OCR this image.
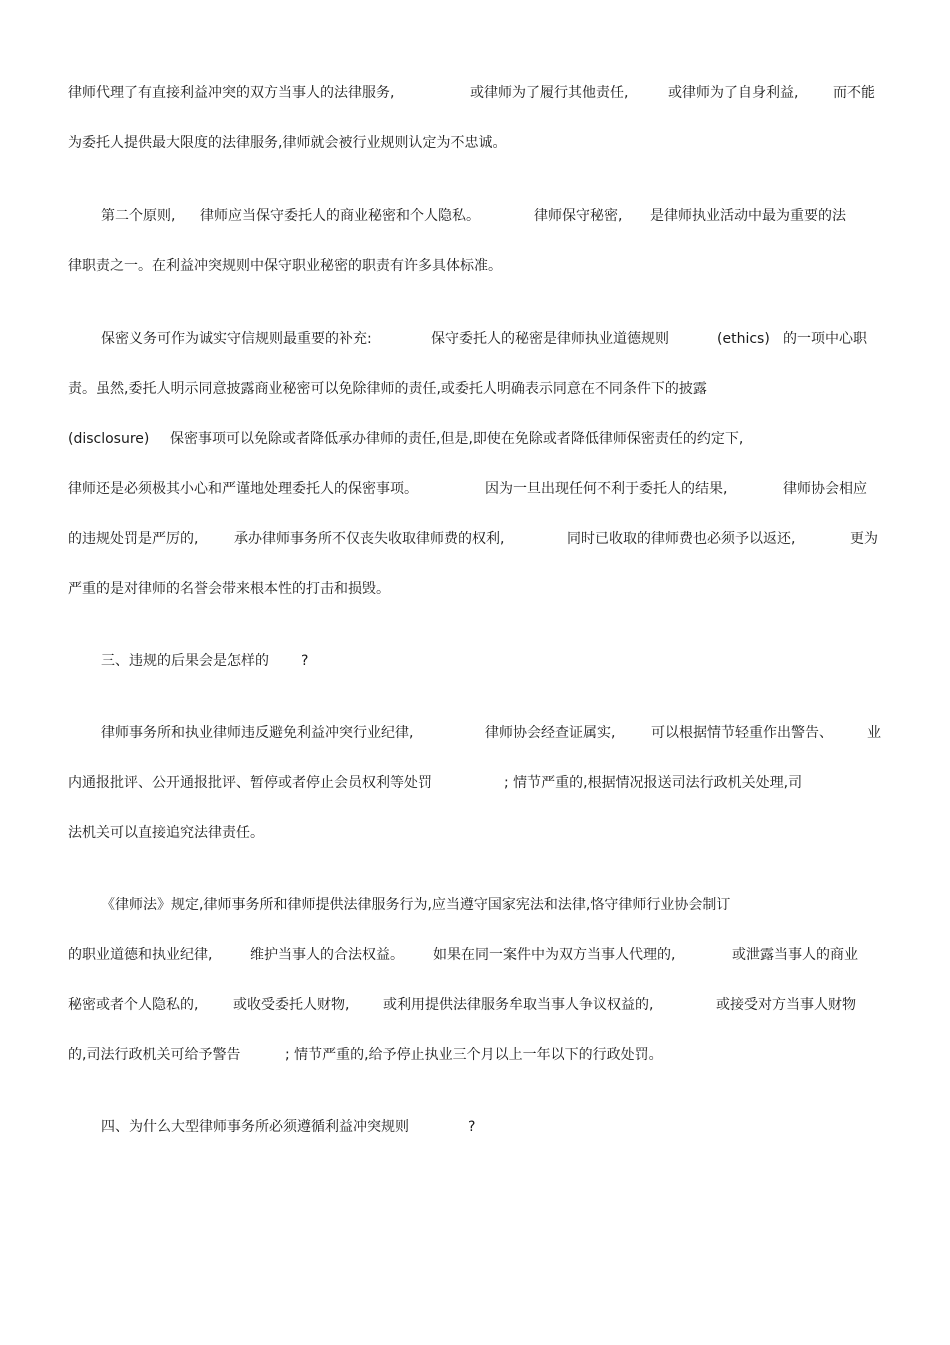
律师代理了有直接利益冲突的双方当事人的法律服务,	或律师为了履行其他责任,	或律师为了自身利益, 而不能
为委托人提供最大限度的法律服务,律师就会被行业规则认定为不忠诚。
第二个原则, 律师应当保守委托人的商业秘密和个人隐私。	律师保守秘密, 是律师执业活动中最为重要的法
律职责之一。在利益冲突规则中保守职业秘密的职责有许多具体标准。
保密义务可作为诚实守信规则最重要的补充:	保守委托人的秘密是律师执业道德规则	(ethics) 的一项中心职
责。虽然,委托人明示同意披露商业秘密可以免除律师的责任,或委托人明确表示同意在不同条件下的披露
(disclosure) 保密事项可以免除或者降低承办律师的责任,但是,即使在免除或者降低律师保密责任的约定下,
律师还是必须极其小心和严谨地处理委托人的保密事项。	因为一旦出现任何不利于委托人的结果,	律师协会相应
的违规处罚是严厉的,	承办律师事务所不仅丧失收取律师费的权利,	同时已收取的律师费也必须予以返还,	更为
严重的是对律师的名誉会带来根本性的打击和损毁。
三、违规的后果会是怎样的 ?
律师事务所和执业律师违反避免利益冲突行业纪律,	律师协会经查证属实,	可以根据情节轻重作出警告、 业
内通报批评、公开通报批评、暂停或者停止会员权利等处罚	; 情节严重的,根据情况报送司法行政机关处理,司
法机关可以直接追究法律责任。
《律师法》规定,律师事务所和律师提供法律服务行为,应当遵守国家宪法和法律,恪守律师行业协会制订
的职业道德和执业纪律,	维护当事人的合法权益。 如果在同一案件中为双方当事人代理的,	或泄露当事人的商业
秘密或者个人隐私的, 或收受委托人财物, 或利用提供法律服务牟取当事人争议权益的,	或接受对方当事人财物
的,司法行政机关可给予警告	; 情节严重的,给予停止执业三个月以上一年以下的行政处罚。
四、为什么大型律师事务所必须遵循利益冲突规则	?
